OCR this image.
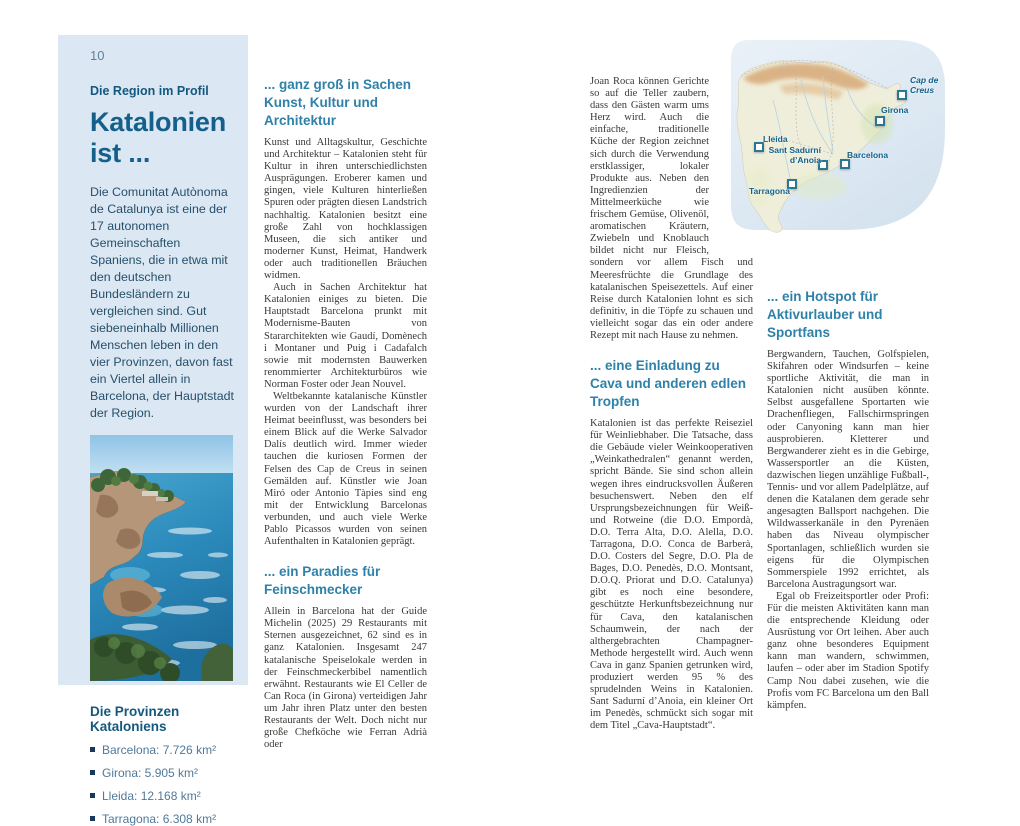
10

Die Region im Profil

Katalonien
ist ...

Die Comunitat Autònoma de Catalunya ist eine der 17 autonomen Gemeinschaften Spaniens, die in etwa mit den deutschen Bundesländern zu vergleichen sind. Gut siebeneinhalb Millionen Menschen leben in den vier Provinzen, davon fast ein Viertel allein in Barcelona, der Hauptstadt der Region.

Die Provinzen Kataloniens
Barcelona: 7.726 km²
Girona: 5.905 km²
Lleida: 12.168 km²
Tarragona: 6.308 km²
... ganz groß in Sachen Kunst, Kultur und Architektur

Kunst und Alltagskultur, Geschichte und Architektur – Katalonien steht für Kultur in ihren unterschiedlichsten Ausprägungen. Eroberer kamen und gingen, viele Kulturen hinterließen Spuren oder prägten diesen Landstrich nachhaltig. Katalonien besitzt eine große Zahl von hochklassigen Museen, die sich antiker und moderner Kunst, Heimat, Handwerk oder auch traditionellen Bräuchen widmen.

Auch in Sachen Architektur hat Katalonien einiges zu bieten. Die Hauptstadt Barcelona prunkt mit Modernisme-Bauten von Stararchitekten wie Gaudí, Domènech i Montaner und Puig i Cadafalch sowie mit modernsten Bauwerken renommierter Architekturbüros wie Norman Foster oder Jean Nouvel.

Weltbekannte katalanische Künstler wurden von der Landschaft ihrer Heimat beeinflusst, was besonders bei einem Blick auf die Werke Salvador Dalís deutlich wird. Immer wieder tauchen die kuriosen Formen der Felsen des Cap de Creus in seinen Gemälden auf. Künstler wie Joan Miró oder Antonio Tàpies sind eng mit der Entwicklung Barcelonas verbunden, und auch viele Werke Pablo Picassos wurden von seinen Aufenthalten in Katalonien geprägt.

... ein Paradies für Feinschmecker

Allein in Barcelona hat der Guide Michelin (2025) 29 Restaurants mit Sternen ausgezeichnet, 62 sind es in ganz Katalonien. Insgesamt 247 katalanische Speiselokale werden in der Feinschmeckerbibel namentlich erwähnt. Restaurants wie El Celler de Can Roca (in Girona) verteidigen Jahr um Jahr ihren Platz unter den besten Restaurants der Welt. Doch nicht nur große Chefköche wie Ferran Adrià oder

Joan Roca können Gerichte so auf die Teller zaubern, dass den Gästen warm ums Herz wird. Auch die einfache, traditionelle Küche der Region zeichnet sich durch die Verwendung erstklassiger, lokaler Produkte aus. Neben den Ingredienzien der Mittelmeerküche wie frischem Gemüse, Olivenöl, aromatischen Kräutern, Zwiebeln und Knoblauch bildet nicht nur Fleisch, sondern vor allem Fisch und Meeresfrüchte die Grundlage des katalanischen Speisezettels. Auf einer Reise durch Katalonien lohnt es sich definitiv, in die Töpfe zu schauen und vielleicht sogar das ein oder andere Rezept mit nach Hause zu nehmen.

... eine Einladung zu Cava und anderen edlen Tropfen

Katalonien ist das perfekte Reiseziel für Weinliebhaber. Die Tatsache, dass die Gebäude vieler Weinkooperativen „Weinkathedralen“ genannt werden, spricht Bände. Sie sind schon allein wegen ihres eindrucksvollen Äußeren besuchenswert. Neben den elf Ursprungsbezeichnungen für Weiß- und Rotweine (die D.O. Empordà, D.O. Terra Alta, D.O. Alella, D.O. Tarragona, D.O. Conca de Barberà, D.O. Costers del Segre, D.O. Pla de Bages, D.O. Penedès, D.O. Montsant, D.O.Q. Priorat und D.O. Catalunya) gibt es noch eine besondere, geschützte Herkunftsbezeichnung nur für Cava, den katalanischen Schaumwein, der nach der althergebrachten Champagner-Methode hergestellt wird. Auch wenn Cava in ganz Spanien getrunken wird, produziert werden 95 % des sprudelnden Weins in Katalonien. Sant Sadurní d’Anoia, ein kleiner Ort im Penedès, schmückt sich sogar mit dem Titel „Cava-Hauptstadt“.

... ein Hotspot für Aktivurlauber und Sportfans

Bergwandern, Tauchen, Golfspielen, Skifahren oder Windsurfen – keine sportliche Aktivität, die man in Katalonien nicht ausüben könnte. Selbst ausgefallene Sportarten wie Drachenfliegen, Fallschirmspringen oder Canyoning kann man hier ausprobieren. Kletterer und Bergwanderer zieht es in die Gebirge, Wassersportler an die Küsten, dazwischen liegen unzählige Fußball-, Tennis- und vor allem Padelplätze, auf denen die Katalanen dem gerade sehr angesagten Ballsport nachgehen. Die Wildwasserkanäle in den Pyrenäen haben das Niveau olympischer Sportanlagen, schließlich wurden sie eigens für die Olympischen Sommerspiele 1992 errichtet, als Barcelona Austragungsort war.

Egal ob Freizeitsportler oder Profi: Für die meisten Aktivitäten kann man die entsprechende Kleidung oder Ausrüstung vor Ort leihen. Aber auch ganz ohne besonderes Equipment kann man wandern, schwimmen, laufen – oder aber im Stadion Spotify Camp Nou dabei zusehen, wie die Profis vom FC Barcelona um den Ball kämpfen.

Cap de Creus
Girona
Lleida
Sant Sadurní d’Anoia	Barcelona
Tarragona
